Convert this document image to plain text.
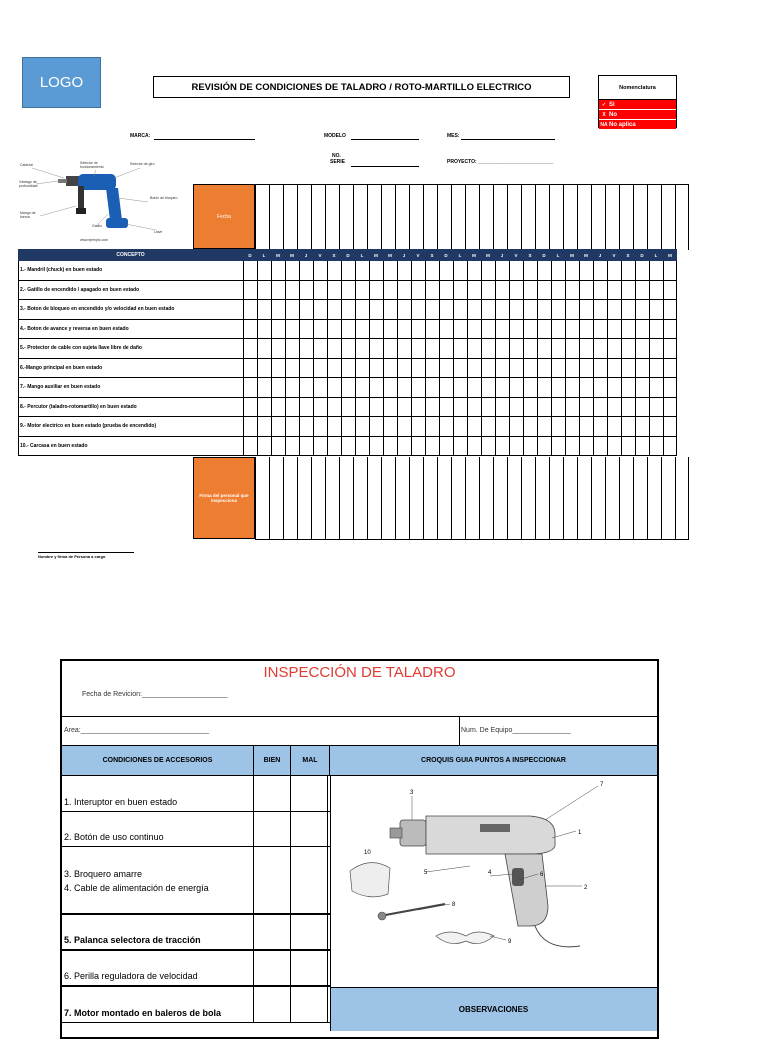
LOGO	REVISIÓN DE CONDICIONES DE TALADRO / ROTO-MARTILLO ELECTRICO	Nomenclatura
✓ Si
X No
NA No aplica
MARCA:	MODELO	MES:
NO.
SERIE	PROYECTO: ___________________________
Cabezal	Selector de funcionamiento
Selector de giro
Vástago de profundidad
Botón de bloqueo
Mango de fuerza
Gatillo
Llave
www.ejemplo.com
Fecha
CONCEPTO	D	L	M	M	J	V	S	D	L	M	M	J	V	S	D	L	M	M	J	V	S	D	L	M	M	J	V	S	D	L	M
1.- Mandril (chuck) en buen estado
2.- Gatillo de encendido / apagado en buen estado
3.- Boton de bloqueo en encendido y/o velocidad en buen estado
4.- Boton de avance y reversa en buen estado
5.- Protector de cable con sujeta llave libre de daño
6.-Mango principal en buen estado
7.- Mango auxiliar en buen estado
8.- Percutor (taladro-rotomartillo) en buen estado
9.- Motor electrico en buen estado (prueba de encendido)
10.- Carcasa en buen estado
Firma del personal que inspecciona
Nombre y firma de Persona a cargo
INSPECCIÓN DE TALADRO
Fecha de Revicion:______________________
Area:_________________________________	Num. De Equipo_______________
CONDICIONES DE ACCESORIOS	BIEN	MAL	CROQUIS GUIA PUNTOS A INSPECCIONAR
1. Interuptor en buen estado
2. Botón de uso continuo
3. Broquero amarre
4. Cable de alimentación de energía
5. Palanca selectora de tracción
6. Perilla reguladora de velocidad
7. Motor montado en baleros de bola
3
7
10
1
2
4
5	6
8
9
OBSERVACIONES
